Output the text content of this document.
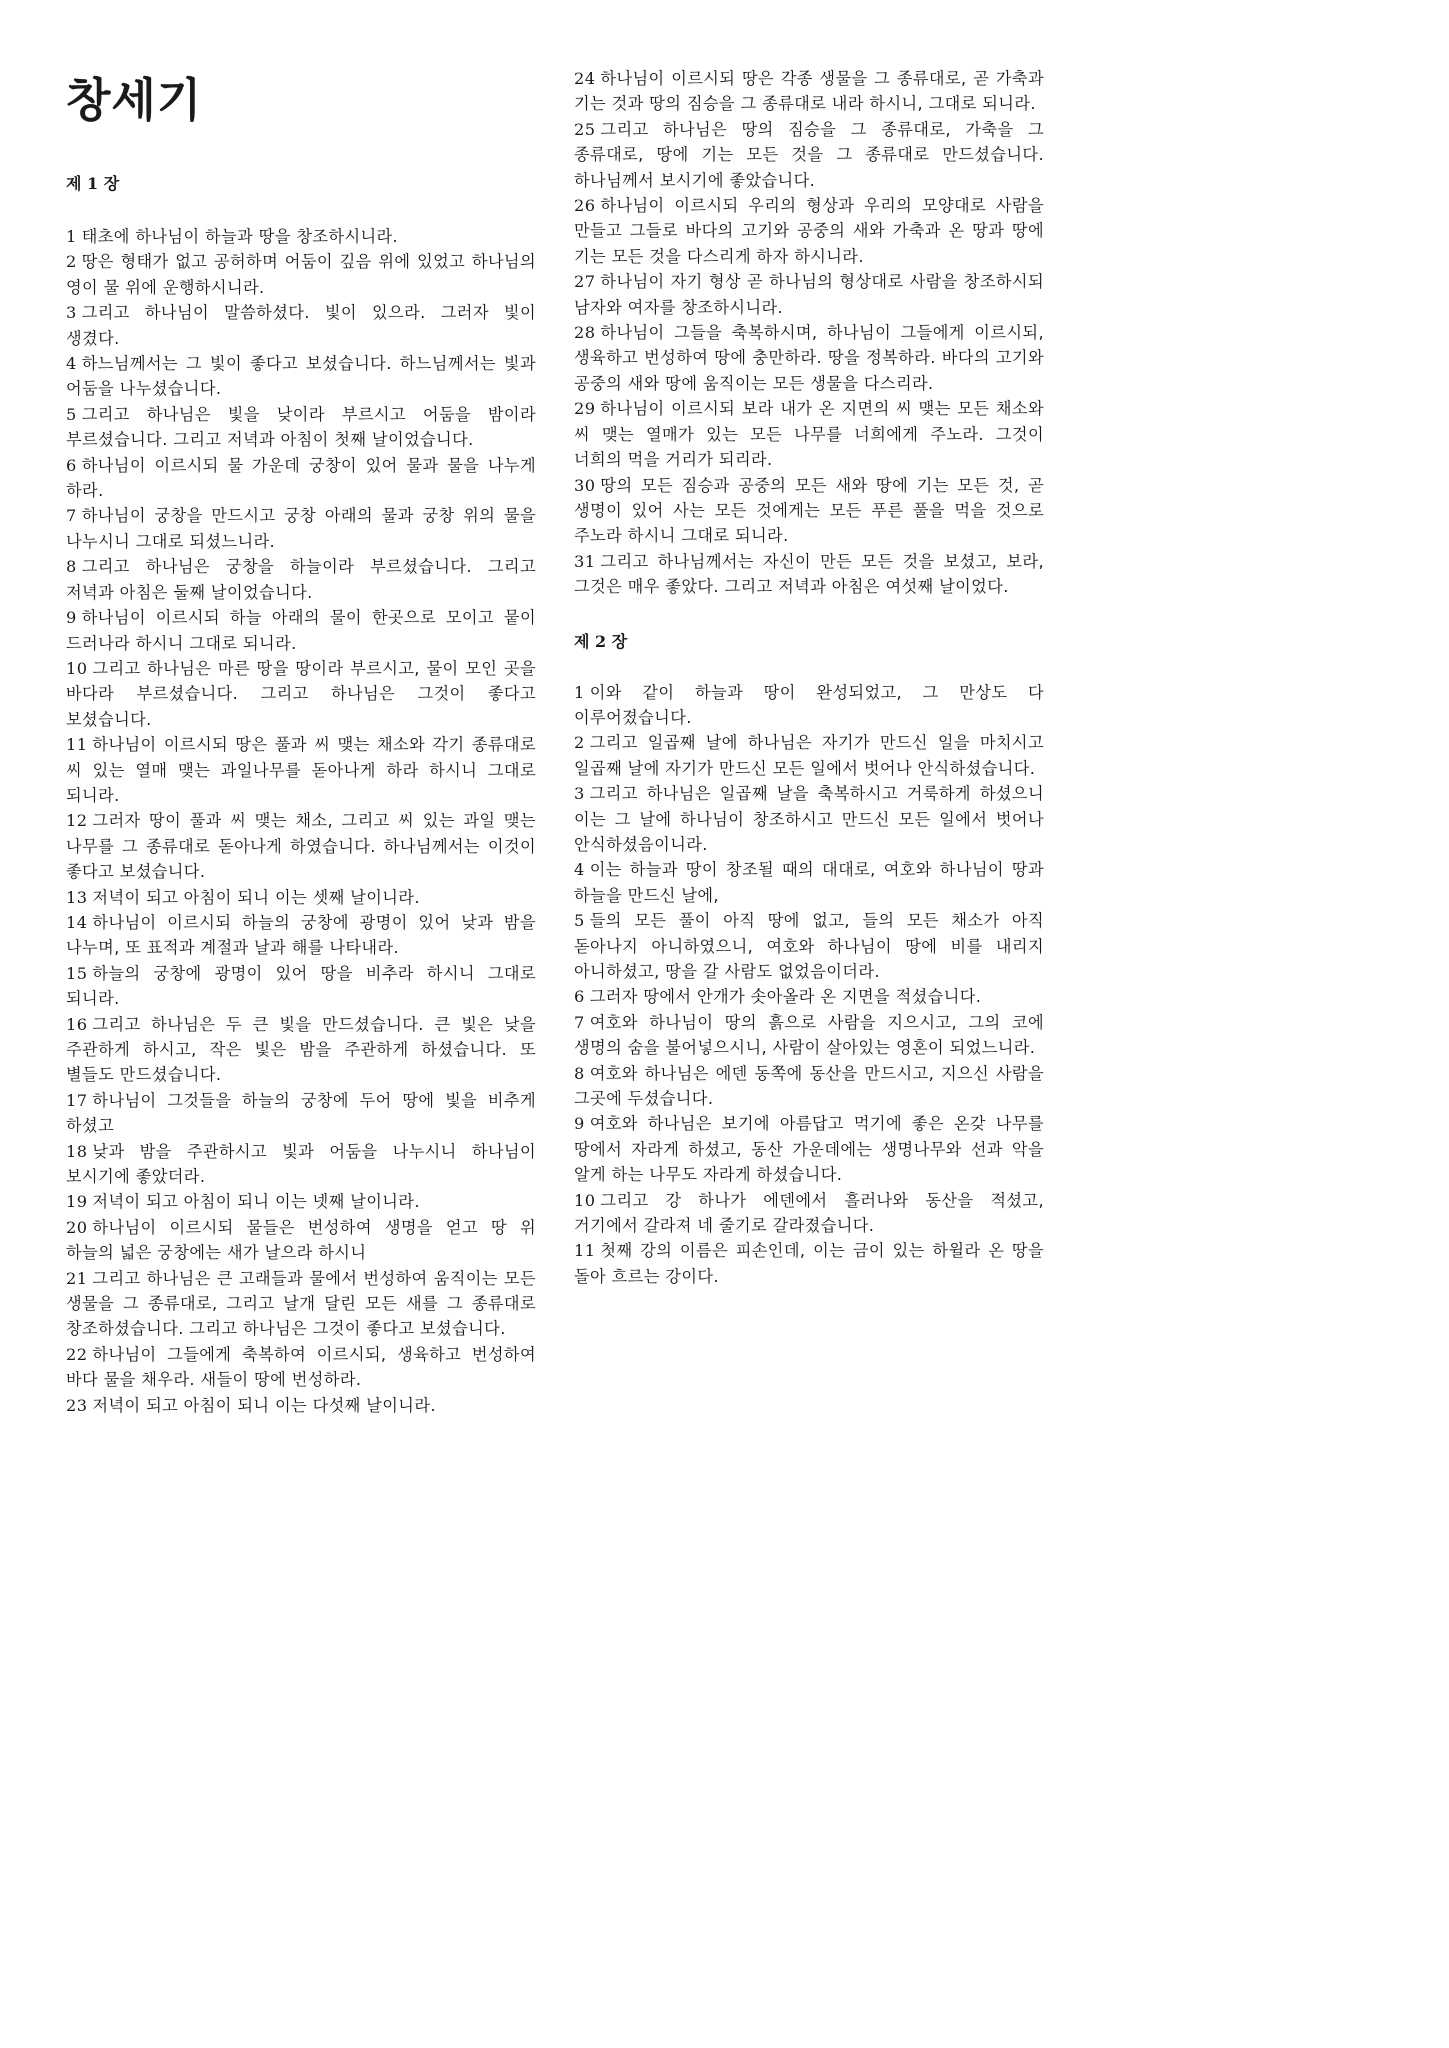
창세기
제 1 장

1 태초에 하나님이 하늘과 땅을 창조하시니라.

2 땅은 형태가 없고 공허하며 어둠이 깊음 위에 있었고 하나님의 영이 물 위에 운행하시니라.

3 그리고 하나님이 말씀하셨다. 빛이 있으라. 그러자 빛이 생겼다.

4 하느님께서는 그 빛이 좋다고 보셨습니다. 하느님께서는 빛과 어둠을 나누셨습니다.

5 그리고 하나님은 빛을 낮이라 부르시고 어둠을 밤이라 부르셨습니다. 그리고 저녁과 아침이 첫째 날이었습니다.

6 하나님이 이르시되 물 가운데 궁창이 있어 물과 물을 나누게 하라.

7 하나님이 궁창을 만드시고 궁창 아래의 물과 궁창 위의 물을 나누시니 그대로 되셨느니라.

8 그리고 하나님은 궁창을 하늘이라 부르셨습니다. 그리고 저녁과 아침은 둘째 날이었습니다.

9 하나님이 이르시되 하늘 아래의 물이 한곳으로 모이고 뭍이 드러나라 하시니 그대로 되니라.

10 그리고 하나님은 마른 땅을 땅이라 부르시고, 물이 모인 곳을 바다라 부르셨습니다. 그리고 하나님은 그것이 좋다고 보셨습니다.

11 하나님이 이르시되 땅은 풀과 씨 맺는 채소와 각기 종류대로 씨 있는 열매 맺는 과일나무를 돋아나게 하라 하시니 그대로 되니라.

12 그러자 땅이 풀과 씨 맺는 채소, 그리고 씨 있는 과일 맺는 나무를 그 종류대로 돋아나게 하였습니다. 하나님께서는 이것이 좋다고 보셨습니다.

13 저녁이 되고 아침이 되니 이는 셋째 날이니라.

14 하나님이 이르시되 하늘의 궁창에 광명이 있어 낮과 밤을 나누며, 또 표적과 계절과 날과 해를 나타내라.

15 하늘의 궁창에 광명이 있어 땅을 비추라 하시니 그대로 되니라.

16 그리고 하나님은 두 큰 빛을 만드셨습니다. 큰 빛은 낮을 주관하게 하시고, 작은 빛은 밤을 주관하게 하셨습니다. 또 별들도 만드셨습니다.

17 하나님이 그것들을 하늘의 궁창에 두어 땅에 빛을 비추게 하셨고

18 낮과 밤을 주관하시고 빛과 어둠을 나누시니 하나님이 보시기에 좋았더라.

19 저녁이 되고 아침이 되니 이는 넷째 날이니라.

20 하나님이 이르시되 물들은 번성하여 생명을 얻고 땅 위 하늘의 넓은 궁창에는 새가 날으라 하시니

21 그리고 하나님은 큰 고래들과 물에서 번성하여 움직이는 모든 생물을 그 종류대로, 그리고 날개 달린 모든 새를 그 종류대로 창조하셨습니다. 그리고 하나님은 그것이 좋다고 보셨습니다.

22 하나님이 그들에게 축복하여 이르시되, 생육하고 번성하여 바다 물을 채우라. 새들이 땅에 번성하라.

23 저녁이 되고 아침이 되니 이는 다섯째 날이니라.

24 하나님이 이르시되 땅은 각종 생물을 그 종류대로, 곧 가축과 기는 것과 땅의 짐승을 그 종류대로 내라 하시니, 그대로 되니라.

25 그리고 하나님은 땅의 짐승을 그 종류대로, 가축을 그 종류대로, 땅에 기는 모든 것을 그 종류대로 만드셨습니다. 하나님께서 보시기에 좋았습니다.

26 하나님이 이르시되 우리의 형상과 우리의 모양대로 사람을 만들고 그들로 바다의 고기와 공중의 새와 가축과 온 땅과 땅에 기는 모든 것을 다스리게 하자 하시니라.

27 하나님이 자기 형상 곧 하나님의 형상대로 사람을 창조하시되 남자와 여자를 창조하시니라.

28 하나님이 그들을 축복하시며, 하나님이 그들에게 이르시되, 생육하고 번성하여 땅에 충만하라. 땅을 정복하라. 바다의 고기와 공중의 새와 땅에 움직이는 모든 생물을 다스리라.

29 하나님이 이르시되 보라 내가 온 지면의 씨 맺는 모든 채소와 씨 맺는 열매가 있는 모든 나무를 너희에게 주노라. 그것이 너희의 먹을 거리가 되리라.

30 땅의 모든 짐승과 공중의 모든 새와 땅에 기는 모든 것, 곧 생명이 있어 사는 모든 것에게는 모든 푸른 풀을 먹을 것으로 주노라 하시니 그대로 되니라.

31 그리고 하나님께서는 자신이 만든 모든 것을 보셨고, 보라, 그것은 매우 좋았다. 그리고 저녁과 아침은 여섯째 날이었다.

제 2 장

1 이와 같이 하늘과 땅이 완성되었고, 그 만상도 다 이루어졌습니다.

2 그리고 일곱째 날에 하나님은 자기가 만드신 일을 마치시고 일곱째 날에 자기가 만드신 모든 일에서 벗어나 안식하셨습니다.

3 그리고 하나님은 일곱째 날을 축복하시고 거룩하게 하셨으니 이는 그 날에 하나님이 창조하시고 만드신 모든 일에서 벗어나 안식하셨음이니라.

4 이는 하늘과 땅이 창조될 때의 대대로, 여호와 하나님이 땅과 하늘을 만드신 날에,

5 들의 모든 풀이 아직 땅에 없고, 들의 모든 채소가 아직 돋아나지 아니하였으니, 여호와 하나님이 땅에 비를 내리지 아니하셨고, 땅을 갈 사람도 없었음이더라.

6 그러자 땅에서 안개가 솟아올라 온 지면을 적셨습니다.

7 여호와 하나님이 땅의 흙으로 사람을 지으시고, 그의 코에 생명의 숨을 불어넣으시니, 사람이 살아있는 영혼이 되었느니라.

8 여호와 하나님은 에덴 동쪽에 동산을 만드시고, 지으신 사람을 그곳에 두셨습니다.

9 여호와 하나님은 보기에 아름답고 먹기에 좋은 온갖 나무를 땅에서 자라게 하셨고, 동산 가운데에는 생명나무와 선과 악을 알게 하는 나무도 자라게 하셨습니다.

10 그리고 강 하나가 에덴에서 흘러나와 동산을 적셨고, 거기에서 갈라져 네 줄기로 갈라졌습니다.

11 첫째 강의 이름은 피손인데, 이는 금이 있는 하윌라 온 땅을 돌아 흐르는 강이다.
